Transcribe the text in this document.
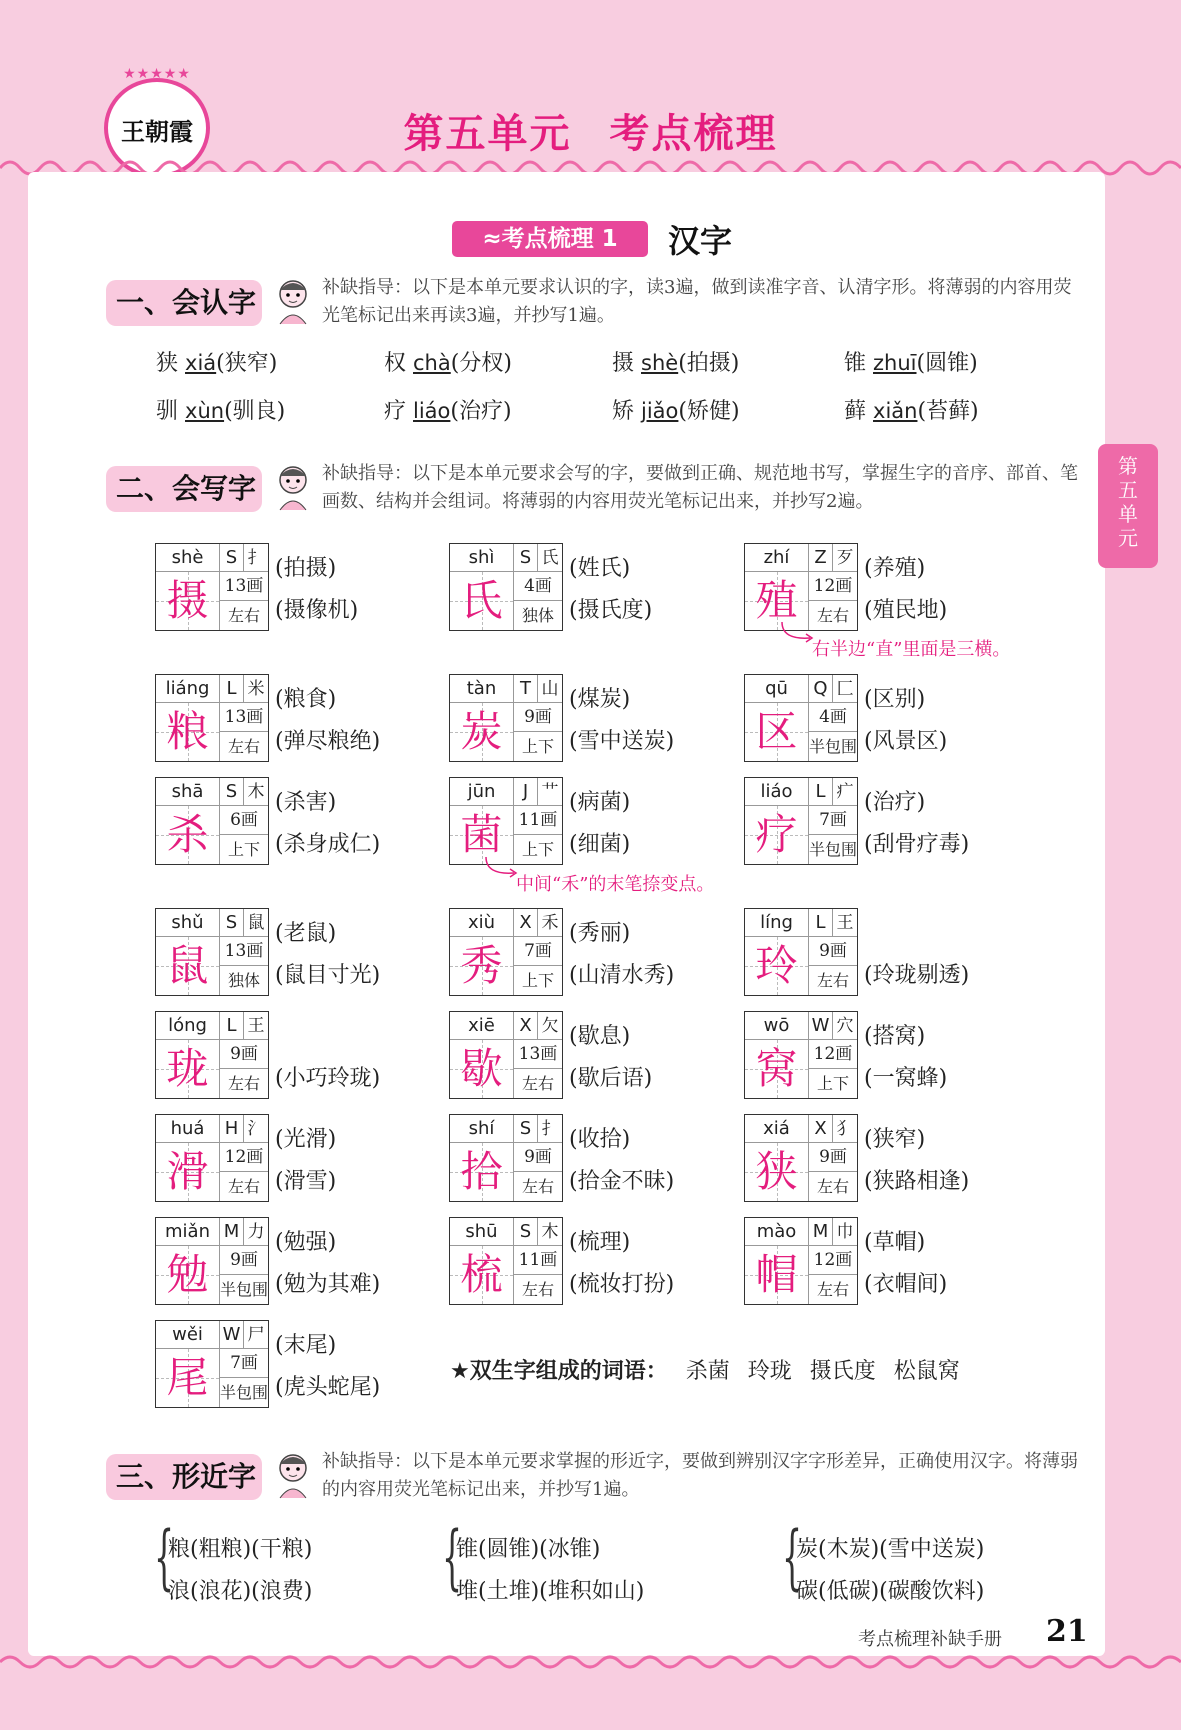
★★★★★
王朝霞	第五单元 考点梳理
第五单元
≈考点梳理 1	汉字
一、会认字	补缺指导：以下是本单元要求认识的字，读3遍，做到读准字音、认清字形。将薄弱的内容用荧光笔标记出来再读3遍，并抄写1遍。
狭 xiá(狭窄)	权 chà(分杈)	摄 shè(拍摄)	锥 zhuī(圆锥)
驯 xùn(驯良)	疗 liáo(治疗)	矫 jiǎo(矫健)	藓 xiǎn(苔藓)
二、会写字	补缺指导：以下是本单元要求会写的字，要做到正确、规范地书写，掌握生字的音序、部首、笔画数、结构并会组词。将薄弱的内容用荧光笔标记出来，并抄写2遍。
shè	S 扌
摄 13画
左右
(拍摄)
(摄像机)
shì	S 氏
氏	4画
独体
(姓氏)
(摄氏度)
zhí	Z 歹
殖 12画
左右
(养殖)
(殖民地)
liáng L 米
粮 13画
左右
(粮食)
(弹尽粮绝)
tàn	T 山
炭	9画
上下
(煤炭)
(雪中送炭)
qū	Q 匚
区	4画
半包围
(区别)
(风景区)
shā	S 木
杀	6画
上下
(杀害)
(杀身成仁)
jūn	J 艹
菌 11画
上下
(病菌)
(细菌)
liáo	L 疒
疗	7画
半包围
(治疗)
(刮骨疗毒)
shǔ	S 鼠
鼠 13画
独体
(老鼠)
(鼠目寸光)
xiù	X 禾
秀	7画
上下
(秀丽)
(山清水秀)
líng	L 王
玲	9画
左右 (玲珑剔透)
lóng	L 王
珑	9画
左右 (小巧玲珑)
xiē	X 欠
歇 13画
左右
(歇息)
(歇后语)
wō	W 穴
窝 12画
上下
(搭窝)
(一窝蜂)
huá	H 氵
滑 12画
左右
(光滑)
(滑雪)
shí	S 扌
拾	9画
左右
(收拾)
(拾金不昧)
xiá	X 犭
狭	9画
左右
(狭窄)
(狭路相逢)
miǎn M 力
勉	9画
半包围
(勉强)
(勉为其难)
shū	S 木
梳 11画
左右
(梳理)
(梳妆打扮)
mào M 巾
帽 12画
左右
(草帽)
(衣帽间)
wěi	W 尸
尾	7画
半包围
(末尾)
(虎头蛇尾)
右半边“直”里面是三横。
中间“禾”的末笔捺变点。
★双生字组成的词语： 杀菌 玲珑 摄氏度 松鼠窝
三、形近字	补缺指导：以下是本单元要求掌握的形近字，要做到辨别汉字字形差异，正确使用汉字。将薄弱的内容用荧光笔标记出来，并抄写1遍。
{
粮(粗粮)(干粮)
浪(浪花)(浪费) {
锥(圆锥)(冰锥)
堆(土堆)(堆积如山) {
炭(木炭)(雪中送炭)
碳(低碳)(碳酸饮料)
考点梳理补缺手册 21
